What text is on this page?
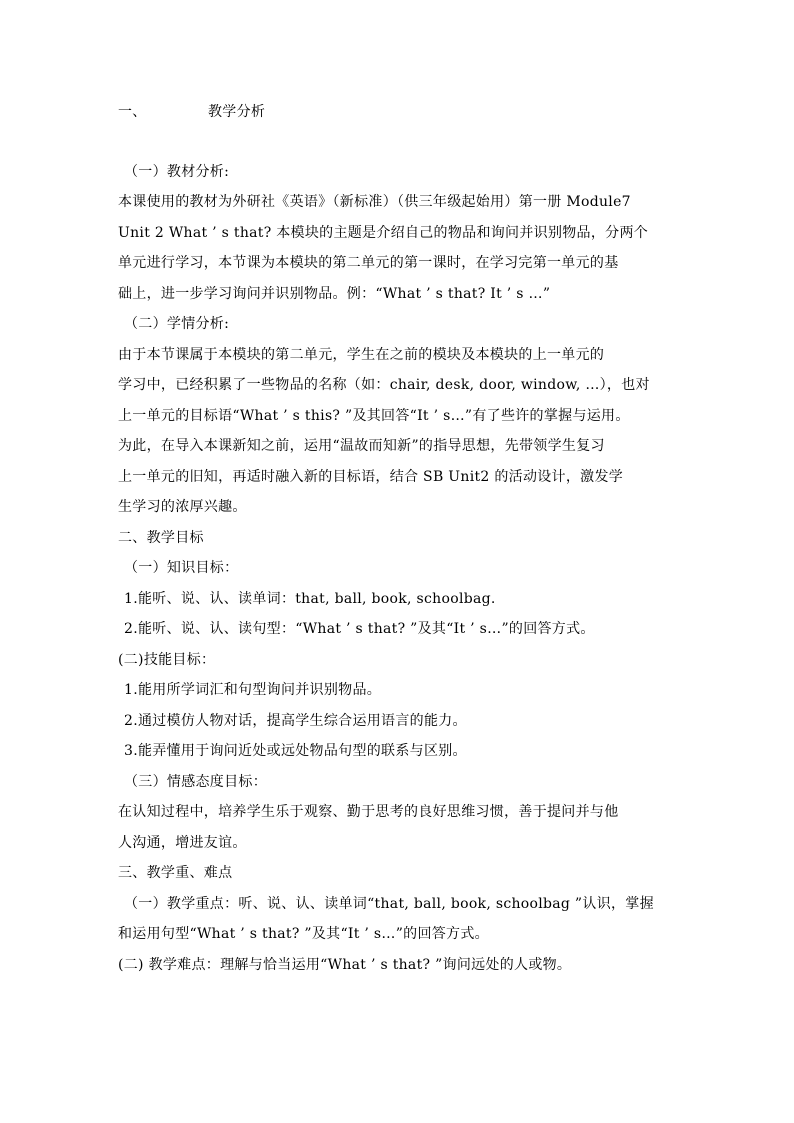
一、	教学分析
（一）教材分析:
本课使用的教材为外研社《英语》（新标准）（供三年级起始用）第一册 Module7
Unit 2 What ’ s that? 本模块的主题是介绍自己的物品和询问并识别物品，分两个
单元进行学习，本节课为本模块的第二单元的第一课时，在学习完第一单元的基
础上，进一步学习询问并识别物品。例：“What ’ s that? It ’ s …”
（二）学情分析:
由于本节课属于本模块的第二单元，学生在之前的模块及本模块的上一单元的
学习中，已经积累了一些物品的名称（如：chair, desk, door, window, …），也对
上一单元的目标语“What ’ s this? ”及其回答“It ’ s…”有了些许的掌握与运用。
为此，在导入本课新知之前，运用“温故而知新”的指导思想，先带领学生复习
上一单元的旧知，再适时融入新的目标语，结合 SB Unit2 的活动设计，激发学
生学习的浓厚兴趣。
二、教学目标
（一）知识目标：
1.能听、说、认、读单词：that, ball, book, schoolbag.
2.能听、说、认、读句型：“What ’ s that? ”及其“It ’ s…”的回答方式。
(二)技能目标：
1.能用所学词汇和句型询问并识别物品。
2.通过模仿人物对话，提高学生综合运用语言的能力。
3.能弄懂用于询问近处或远处物品句型的联系与区别。
（三）情感态度目标：
在认知过程中，培养学生乐于观察、勤于思考的良好思维习惯，善于提问并与他
人沟通，增进友谊。
三、教学重、难点
（一）教学重点：听、说、认、读单词“that, ball, book, schoolbag ”认识，掌握
和运用句型“What ’ s that? ”及其“It ’ s…”的回答方式。
(二) 教学难点：理解与恰当运用“What ’ s that? ”询问远处的人或物。
